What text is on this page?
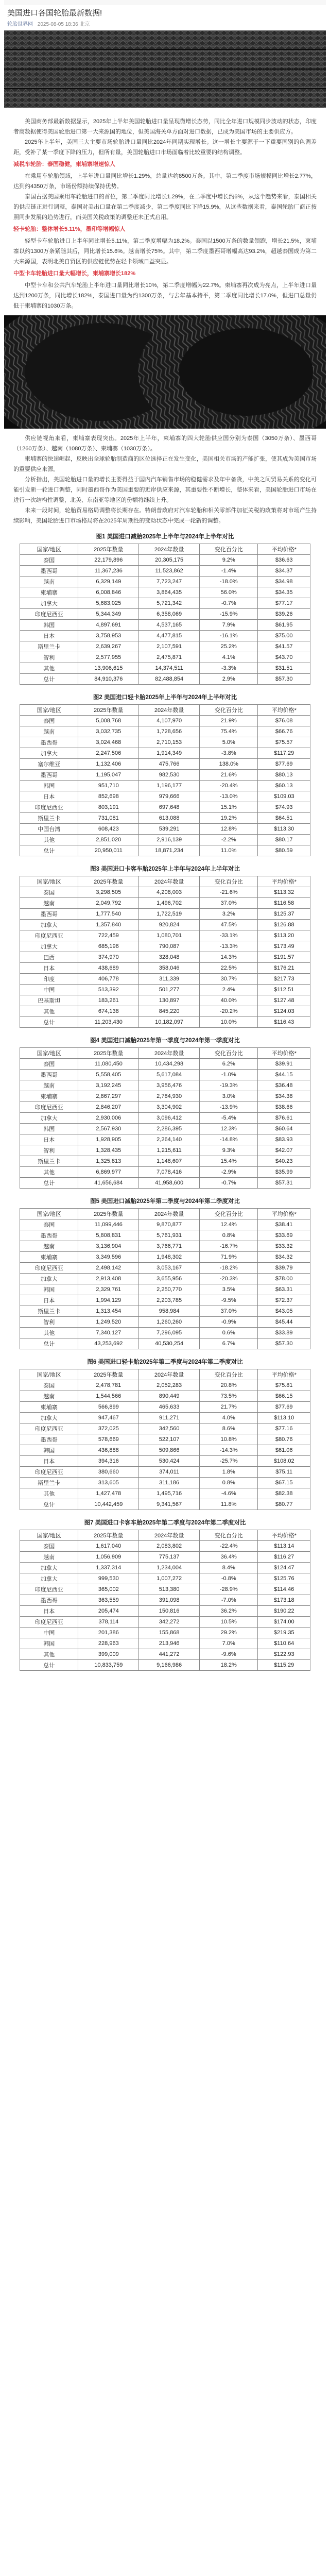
美国进口各国轮胎最新数据!
轮胎世界网 2025-08-05 18:36 北京

美国商务部最新数据显示，2025年上半年美国轮胎进口量呈现微增长态势，同比全年进口规模同步波动的状态，印度者商数据使得美国轮胎进口第一大来源国的地位，但美国海关单方面对进口数据，已成为美国市场的主要供应方。

2025年上半年，美国三大主要市场轮胎进口量同比2024年同期实现增长。这一增长主要源于一下重要国别的色调差距，受补了某一季度下降的压力，但所有量，美国轮胎进口市场面临着比较重要的结构调整。

减税车轮胎：泰国稳健，柬埔寨增速惊人

在乘用车轮胎领域，上半年进口量同比增长1.29%，总量达约8500万条。其中，第二季度市场规模同比增长2.77%，达到约4350万条，市场份额持续保持优势。

泰国占据美国乘用车轮胎进口的首位，第二季度同比增长1.29%，在二季度中增长约6%，从这个趋势来看，泰国相关的供应链正进行调整，泰国对美出口量在第二季度减少，第二季度同比下降15.9%，从这些数据来看，泰国轮胎厂商正按照同步发展的趋势进行，而美国关税政策的调整还未正式启用。

轻卡轮胎：整体增长5.11%，墨印等增幅惊人

轻型卡车轮胎进口上半年同比增长5.11%，第二季度增幅为18.2%。泰国以1500万条的数量领跑，增长21.5%，柬埔寨以约1300万条紧随其后，同比增长15.6%。越南增长75%。其中，第二季度墨西哥增幅高达93.2%，超越泰国成为第二大来源国，表明北美自贸区的供应链优势在轻卡领域日益突显。

中型卡车轮胎进口量大幅增长，柬埔寨增长182%

中型卡车和公共汽车轮胎上半年进口量同比增长10%，第二季度增幅为22.7%。柬埔寨再次成为亮点，上半年进口量达到1200万条，同比增长182%，泰国进口量为约1300万条，与去年基本持平，第二季度同比增长17.0%，但进口总量仍低于柬埔寨的1030万条。

供应链视角来看，柬埔寨表现突出。2025年上半年，柬埔寨的四大轮胎供应国分别为泰国（3050万条）、墨西哥（1260万条）、越南（1080万条）、柬埔寨（1030万条）。

柬埔寨的快速崛起，反映出全球轮胎制造商的区位选择正在发生变化，美国相关市场的产能扩张，使其成为美国市场的重要供应来源。

分析指出，美国轮胎进口量的增长主要得益于国内汽车销售市场的稳健需求及年中备货，中美之间贸易关系的变化可能引发新一轮进口调整，同时墨西哥作为美国重要的近岸供应来源，其重要性不断增长，整体来看，美国轮胎进口市场在进行一次结构性调整，北美、东南亚等地区的份额将继续上升。

未来一段时间，轮胎贸易格局调整将长期存在。特朗普政府对汽车轮胎和相关零部件加征关税的政策将对市场产生持续影响，美国轮胎进口市场格局将在2025年周期性的变动状态中完成一轮新的调整。

图1 美国进口减胎2025年上半年与2024年上半年对比
国家/地区	2025年数量	2024年数量	变化百分比	平均价格*
泰国	22,179,896	20,305,175	9.2%	$36.63
墨西哥	11,367,236	11,523,862	-1.4%	$34.37
越南	6,329,149	7,723,247	-18.0%	$34.98
柬埔寨	6,008,846	3,864,435	56.0%	$34.35
加拿大	5,683,025	5,721,342	-0.7%	$77.17
印度尼西亚	5,344,349	6,358,069	-15.9%	$39.26
韩国	4,897,691	4,537,165	7.9%	$61.95
日本	3,758,953	4,477,815	-16.1%	$75.00
斯里兰卡	2,639,267	2,107,591	25.2%	$41.57
智利	2,577,955	2,475,871	4.1%	$43.70
其他	13,906,615	14,374,511	-3.3%	$31.51
总计	84,910,376	82,488,854	2.9%	$57.30
图2 美国进口轻卡胎2025年上半年与2024年上半年对比
国家/地区	2025年数量	2024年数量	变化百分比	平均价格*
泰国	5,008,768	4,107,970	21.9%	$76.08
越南	3,032,735	1,728,656	75.4%	$66.76
墨西哥	3,024,468	2,710,153	5.0%	$75.57
加拿大	2,247,506	1,914,349	-3.8%	$117.29
塞尔维亚	1,132,406	475,766	138.0%	$77.69
墨西哥	1,195,047	982,530	21.6%	$80.13
韩国	951,710	1,196,177	-20.4%	$60.13
日本	852,698	979,666	-13.0%	$109.03
印度尼西亚	803,191	697,648	15.1%	$74.93
斯里兰卡	731,081	613,088	19.2%	$64.51
中国台湾	608,423	539,291	12.8%	$113.30
其他	2,851,020	2,916,139	-2.2%	$80.17
总计	20,950,011	18,871,234	11.0%	$80.59
图3 美国进口卡客车胎2025年上半年与2024年上半年对比
国家/地区	2025年数量	2024年数量	变化百分比	平均价格*
泰国	3,298,505	4,208,003	-21.6%	$113.32
越南	2,049,792	1,496,702	37.0%	$116.58
墨西哥	1,777,540	1,722,519	3.2%	$125.37
加拿大	1,357,840	920,824	47.5%	$126.88
印度尼西亚	722,459	1,080,701	-33.1%	$113.20
加拿大	685,196	790,087	-13.3%	$173.49
巴西	374,970	328,048	14.3%	$191.57
日本	438,689	358,046	22.5%	$176.21
印度	406,778	311,339	30.7%	$217.73
中国	513,392	501,277	2.4%	$112.51
巴基斯坦	183,261	130,897	40.0%	$127.48
其他	674,138	845,220	-20.2%	$124.03
总计	11,203,430	10,182,097	10.0%	$116.43
图4 美国进口减胎2025年第一季度与2024年第一季度对比
国家/地区	2025年数量	2024年数量	变化百分比	平均价格*
泰国	11,080,450	10,434,298	6.2%	$39.91
墨西哥	5,558,405	5,617,084	-1.0%	$44.15
越南	3,192,245	3,956,476	-19.3%	$36.48
柬埔寨	2,867,297	2,784,930	3.0%	$34.38
印度尼西亚	2,846,207	3,304,902	-13.9%	$38.66
加拿大	2,930,006	3,096,412	-5.4%	$76.61
韩国	2,567,930	2,286,395	12.3%	$60.64
日本	1,928,905	2,264,140	-14.8%	$83.93
智利	1,328,435	1,215,611	9.3%	$42.07
斯里兰卡	1,325,813	1,148,607	15.4%	$40.23
其他	6,869,977	7,078,416	-2.9%	$35.99
总计	41,656,684	41,958,600	-0.7%	$57.31
图5 美国进口减胎2025年第二季度与2024年第二季度对比
国家/地区	2025年数量	2024年数量	变化百分比	平均价格*
泰国	11,099,446	9,870,877	12.4%	$38.41
墨西哥	5,808,831	5,761,931	0.8%	$33.69
越南	3,136,904	3,766,771	-16.7%	$33.32
柬埔寨	3,349,596	1,948,302	71.9%	$34.32
印度尼西亚	2,498,142	3,053,167	-18.2%	$39.79
加拿大	2,913,408	3,655,956	-20.3%	$78.00
韩国	2,329,761	2,250,770	3.5%	$63.31
日本	1,994,129	2,203,785	-9.5%	$72.37
斯里兰卡	1,313,454	958,984	37.0%	$43.05
智利	1,249,520	1,260,260	-0.9%	$45.44
其他	7,340,127	7,296,095	0.6%	$33.89
总计	43,253,692	40,530,254	6.7%	$57.30
图6 美国进口轻卡胎2025年第二季度与2024年第二季度对比
国家/地区	2025年数量	2024年数量	变化百分比	平均价格*
泰国	2,478,781	2,052,283	20.8%	$75.81
越南	1,544,566	890,449	73.5%	$66.15
柬埔寨	566,899	465,633	21.7%	$77.69
加拿大	947,467	911,271	4.0%	$113.10
印度尼西亚	372,025	342,560	8.6%	$77.16
墨西哥	578,669	522,107	10.8%	$80.76
韩国	436,888	509,866	-14.3%	$61.06
日本	394,316	530,424	-25.7%	$108.02
印度尼西亚	380,660	374,011	1.8%	$75.11
斯里兰卡	313,605	311,186	0.8%	$67.15
其他	1,427,478	1,495,716	-4.6%	$82.38
总计	10,442,459	9,341,567	11.8%	$80.77
图7 美国进口卡客车胎2025年第二季度与2024年第二季度对比
国家/地区	2025年数量	2024年数量	变化百分比	平均价格*
泰国	1,617,040	2,083,802	-22.4%	$113.14
越南	1,056,909	775,137	36.4%	$116.27
加拿大	1,337,314	1,234,004	8.4%	$124.47
加拿大	999,530	1,007,272	-0.8%	$125.76
印度尼西亚	365,002	513,380	-28.9%	$114.46
墨西哥	363,559	391,098	-7.0%	$173.18
日本	205,474	150,816	36.2%	$190.22
印度尼西亚	378,114	342,272	10.5%	$174.00
中国	201,386	155,868	29.2%	$219.35
韩国	228,963	213,946	7.0%	$110.64
其他	399,009	441,272	-9.6%	$122.93
总计	10,833,759	9,166,986	18.2%	$115.29
